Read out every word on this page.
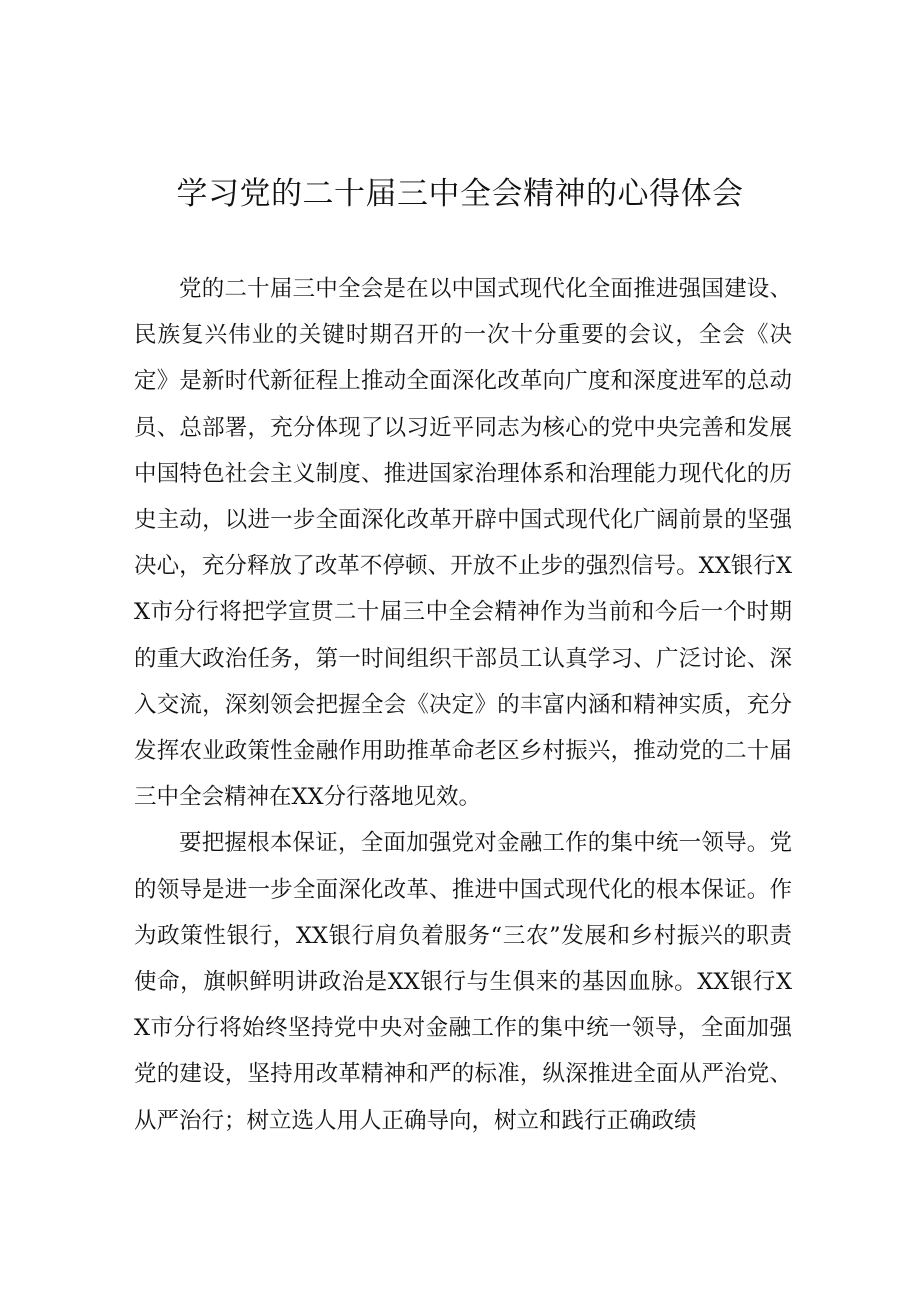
学习党的二十届三中全会精神的心得体会

党的二十届三中全会是在以中国式现代化全面推进强国建设、民族复兴伟业的关键时期召开的一次十分重要的会议，全会《决定》是新时代新征程上推动全面深化改革向广度和深度进军的总动员、总部署，充分体现了以习近平同志为核心的党中央完善和发展中国特色社会主义制度、推进国家治理体系和治理能力现代化的历史主动，以进一步全面深化改革开辟中国式现代化广阔前景的坚强决心，充分释放了改革不停顿、开放不止步的强烈信号。XX银行XX市分行将把学宣贯二十届三中全会精神作为当前和今后一个时期的重大政治任务，第一时间组织干部员工认真学习、广泛讨论、深入交流，深刻领会把握全会《决定》的丰富内涵和精神实质，充分发挥农业政策性金融作用助推革命老区乡村振兴，推动党的二十届三中全会精神在XX分行落地见效。

要把握根本保证，全面加强党对金融工作的集中统一领导。党的领导是进一步全面深化改革、推进中国式现代化的根本保证。作为政策性银行，XX银行肩负着服务“三农”发展和乡村振兴的职责使命，旗帜鲜明讲政治是XX银行与生俱来的基因血脉。XX银行XX市分行将始终坚持党中央对金融工作的集中统一领导，全面加强党的建设，坚持用改革精神和严的标准，纵深推进全面从严治党、从严治行；树立选人用人正确导向，树立和践行正确政绩
